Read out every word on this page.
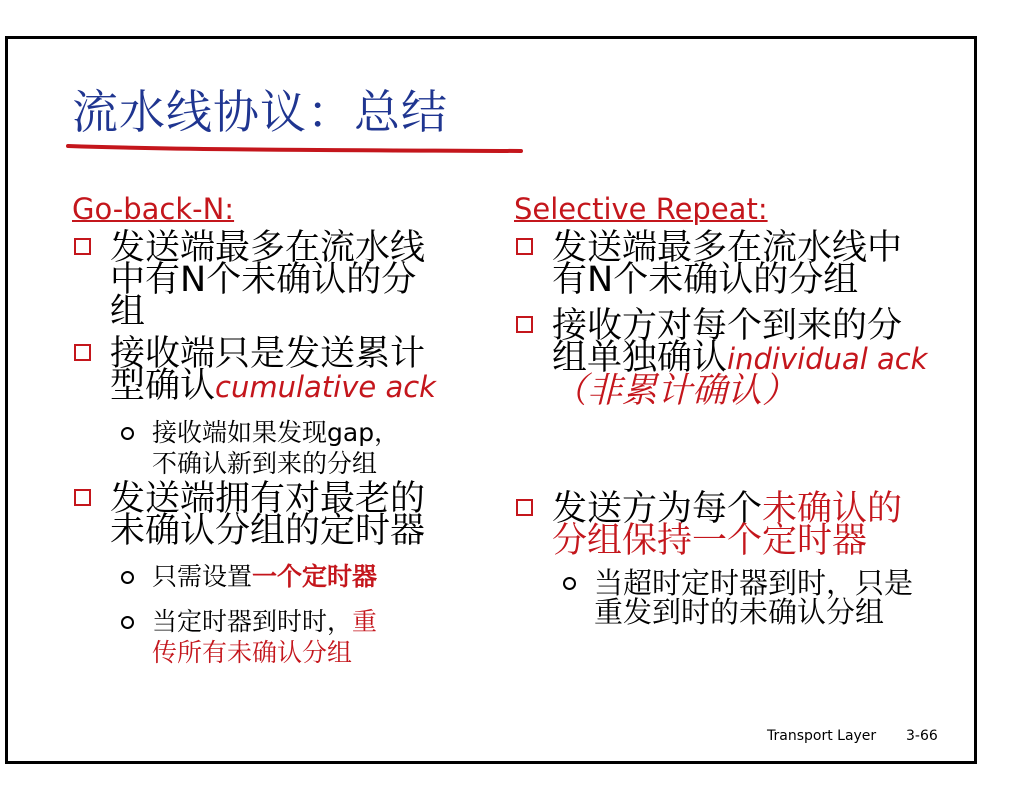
流水线协议：总结
Go-back-N:
发送端最多在流水线
中有N个未确认的分
组
接收端只是发送累计
型确认cumulative ack
接收端如果发现gap，
不确认新到来的分组
发送端拥有对最老的
未确认分组的定时器
只需设置一个定时器
当定时器到时时，重
传所有未确认分组
Selective Repeat:
发送端最多在流水线中
有N个未确认的分组
接收方对每个到来的分
组单独确认individual ack
（非累计确认）
发送方为每个未确认的
分组保持一个定时器
当超时定时器到时，只是
重发到时的未确认分组
Transport Layer 3-66
